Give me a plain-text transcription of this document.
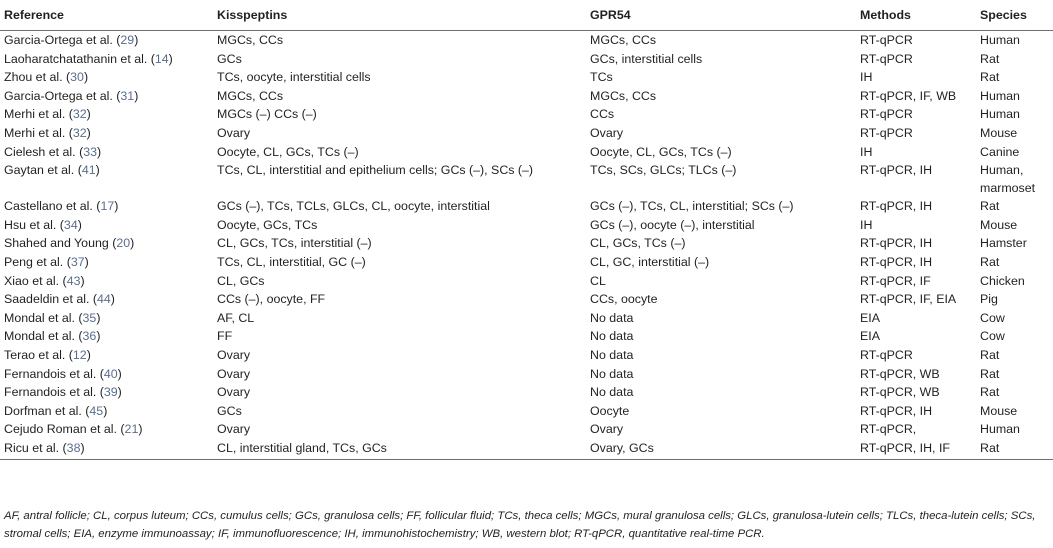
Reference	Kisspeptins	GPR54	Methods	Species
Garcia-Ortega et al. (29)	MGCs, CCs	MGCs, CCs	RT-qPCR	Human
Laoharatchatathanin et al. (14)	GCs	GCs, interstitial cells	RT-qPCR	Rat
Zhou et al. (30)	TCs, oocyte, interstitial cells	TCs	IH	Rat
Garcia-Ortega et al. (31)	MGCs, CCs	MGCs, CCs	RT-qPCR, IF, WB	Human
Merhi et al. (32)	MGCs (–) CCs (–)	CCs	RT-qPCR	Human
Merhi et al. (32)	Ovary	Ovary	RT-qPCR	Mouse
Cielesh et al. (33)	Oocyte, CL, GCs, TCs (–)	Oocyte, CL, GCs, TCs (–)	IH	Canine
Gaytan et al. (41)	TCs, CL, interstitial and epithelium cells; GCs (–), SCs (–)	TCs, SCs, GLCs; TLCs (–)	RT-qPCR, IH	Human, marmoset
Castellano et al. (17)	GCs (–), TCs, TCLs, GLCs, CL, oocyte, interstitial	GCs (–), TCs, CL, interstitial; SCs (–)	RT-qPCR, IH	Rat
Hsu et al. (34)	Oocyte, GCs, TCs	GCs (–), oocyte (–), interstitial	IH	Mouse
Shahed and Young (20)	CL, GCs, TCs, interstitial (–)	CL, GCs, TCs (–)	RT-qPCR, IH	Hamster
Peng et al. (37)	TCs, CL, interstitial, GC (–)	CL, GC, interstitial (–)	RT-qPCR, IH	Rat
Xiao et al. (43)	CL, GCs	CL	RT-qPCR, IF	Chicken
Saadeldin et al. (44)	CCs (–), oocyte, FF	CCs, oocyte	RT-qPCR, IF, EIA	Pig
Mondal et al. (35)	AF, CL	No data	EIA	Cow
Mondal et al. (36)	FF	No data	EIA	Cow
Terao et al. (12)	Ovary	No data	RT-qPCR	Rat
Fernandois et al. (40)	Ovary	No data	RT-qPCR, WB	Rat
Fernandois et al. (39)	Ovary	No data	RT-qPCR, WB	Rat
Dorfman et al. (45)	GCs	Oocyte	RT-qPCR, IH	Mouse
Cejudo Roman et al. (21)	Ovary	Ovary	RT-qPCR,	Human
Ricu et al. (38)	CL, interstitial gland, TCs, GCs	Ovary, GCs	RT-qPCR, IH, IF	Rat
AF, antral follicle; CL, corpus luteum; CCs, cumulus cells; GCs, granulosa cells; FF, follicular fluid; TCs, theca cells; MGCs, mural granulosa cells; GLCs, granulosa-lutein cells; TLCs, theca-lutein cells; SCs, stromal cells; EIA, enzyme immunoassay; IF, immunofluorescence; IH, immunohistochemistry; WB, western blot; RT-qPCR, quantitative real-time PCR.
